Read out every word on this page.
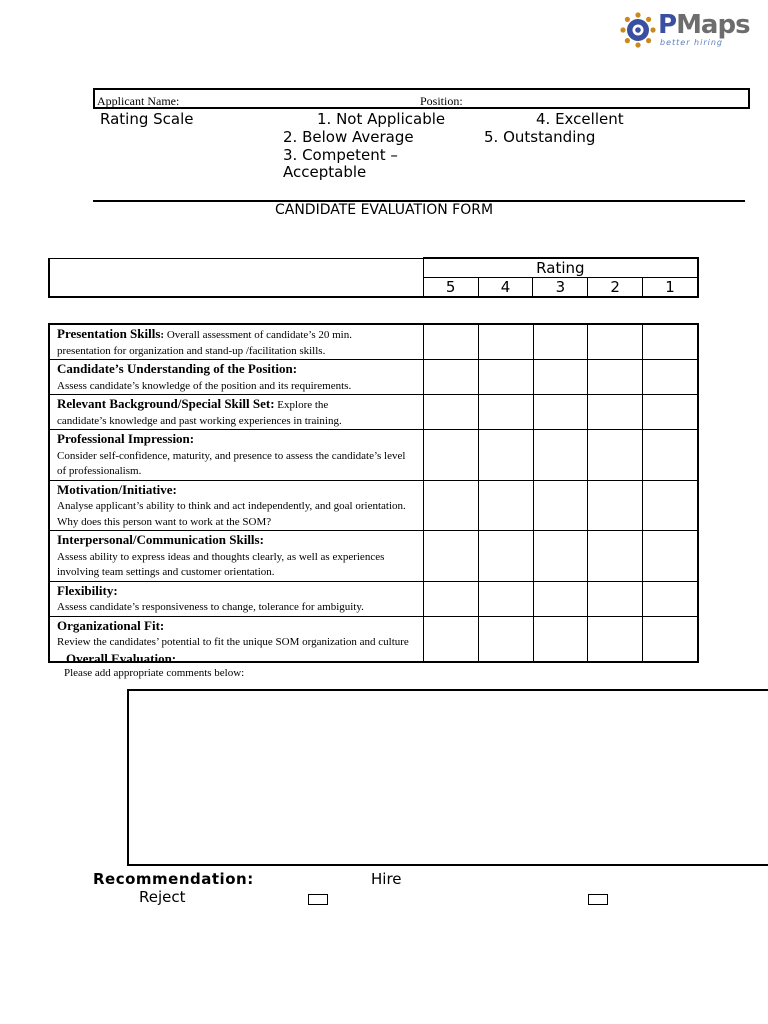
PMaps
better hiring
Applicant Name:	Position:
Rating Scale	1. Not Applicable
2. Below Average
3. Competent –
Acceptable
4. Excellent
5. Outstanding
CANDIDATE EVALUATION FORM
	Rating				
	5	4	3	2	1
Presentation Skills: Overall assessment of candidate’s 20 min.
presentation for organization and stand-up /facilitation skills.					
Candidate’s Understanding of the Position:
Assess candidate’s knowledge of the position and its requirements.					
Relevant Background/Special Skill Set: Explore the
candidate’s knowledge and past working experiences in training.					
Professional Impression:
Consider self-confidence, maturity, and presence to assess the candidate’s level of professionalism.					
Motivation/Initiative:
Analyse applicant’s ability to think and act independently, and goal orientation. Why does this person want to work at the SOM?					
Interpersonal/Communication Skills:
Assess ability to express ideas and thoughts clearly, as well as experiences involving team settings and customer orientation.					
Flexibility:
Assess candidate’s responsiveness to change, tolerance for ambiguity.					
Organizational Fit:
Review the candidates’ potential to fit the unique SOM organization and culture					
Overall Evaluation:
Please add appropriate comments below:
Recommendation:	Hire
Reject
